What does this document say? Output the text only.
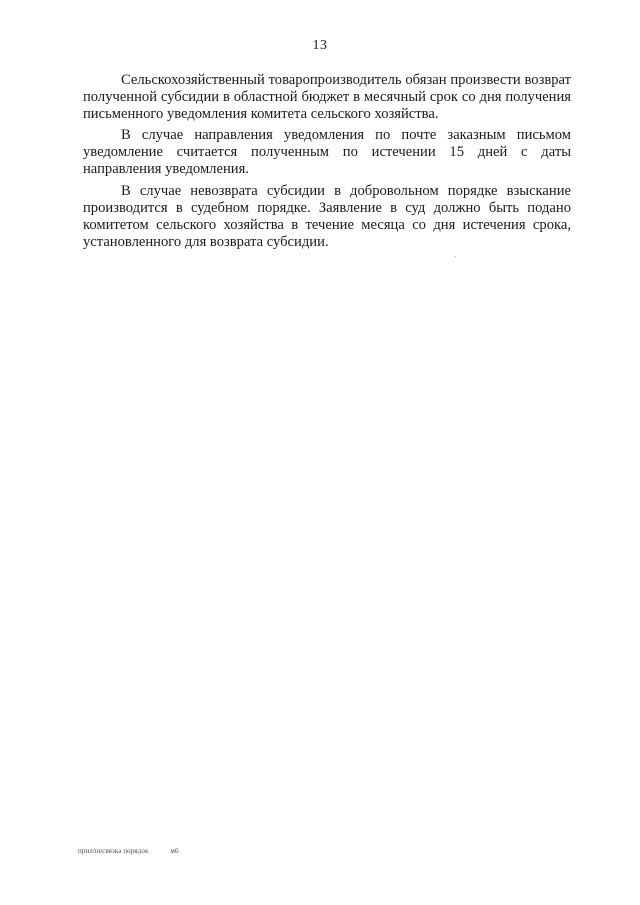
13

Сельскохозяйственный товаропроизводитель обязан произвести возврат полученной субсидии в областной бюджет в месячный срок со дня получения письменного уведомления комитета сельского хозяйства.

В случае направления уведомления по почте заказным письмом уведомление считается полученным по истечении 15 дней с даты направления уведомления.

В случае невозврата субсидии в добровольном порядке взыскание производится в судебном порядке. Заявление в суд должно быть подано комитетом сельского хозяйства в течение месяца со дня истечения срока, установленного для возврата субсидии.

прил/несвязка порядок	м6
